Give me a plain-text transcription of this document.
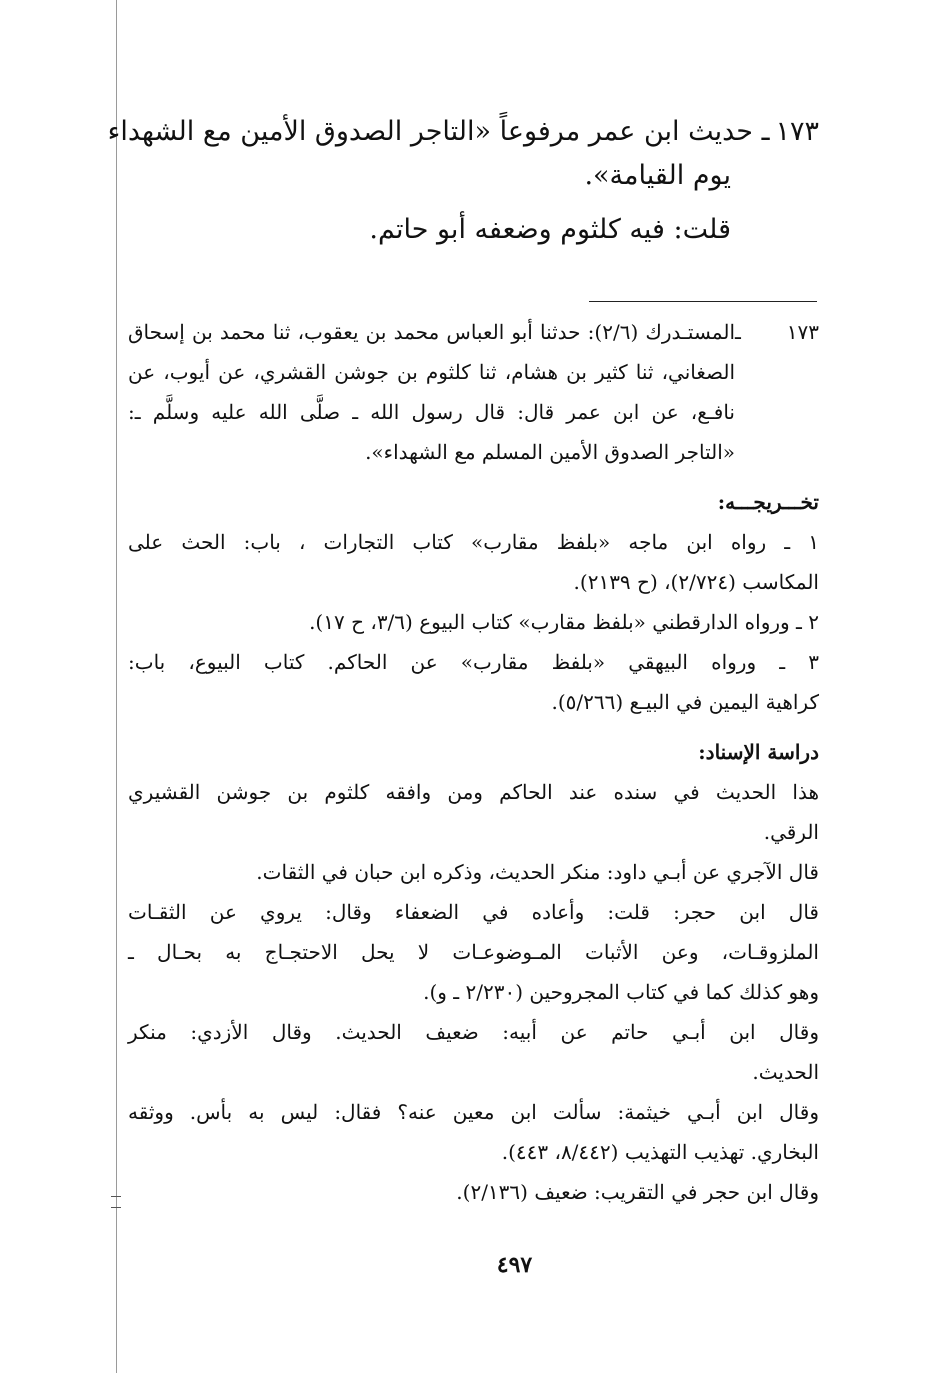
١٧٣ـ حديث ابن عمر مرفوعاً «التاجر الصدوق الأمين مع الشهداء
يوم القيامة».
قلت: فيه كلثوم وضعفه أبو حاتم.
١٧٣ ـالمستـدرك (٢/٦): حدثنا أبو العباس محمد بن يعقوب، ثنا محمد بن إسحاق
الصغاني، ثنا كثير بن هشام، ثنا كلثوم بن جوشن القشري، عن أيوب، عن
نافـع، عن ابن عمر قال: قال رسول الله ـ صلَّى الله عليه وسلَّم ـ:
«التاجر الصدوق الأمين المسلم مع الشهداء».
تخـــريجـــه:
١ ـ رواه ابن ماجه «بلفظ مقارب» كتاب التجارات ، باب: الحث على
المكاسب (٢/٧٢٤)، (ح ٢١٣٩).
٢ ـ ورواه الدارقطني «بلفظ مقارب» كتاب البيوع (٣/٦، ح ١٧).
٣ ـ ورواه البيهقي «بلفظ مقارب» عن الحاكم. كتاب البيوع، باب:
كراهية اليمين في البيـع (٥/٢٦٦).
دراسة الإسناد:
هذا الحديث في سنده عند الحاكم ومن وافقه كلثوم بن جوشن القشيري
الرقي.
قال الآجري عن أبـي داود: منكر الحديث، وذكره ابن حبان في الثقات.
قال ابن حجر: قلت: وأعاده في الضعفاء وقال: يروي عن الثقـات
الملزوقـات، وعن الأثبات المـوضوعـات لا يحل الاحتجـاج به بحـال ـ
وهو كذلك كما في كتاب المجروحين (٢/٢٣٠ ـ و).
وقال ابن أبـي حاتم عن أبيه: ضعيف الحديث. وقال الأزدي: منكر
الحديث.
وقال ابن أبـي خيثمة: سألت ابن معين عنه؟ فقال: ليس به بأس. ووثقه
البخاري. تهذيب التهذيب (٨/٤٤٢، ٤٤٣).
وقال ابن حجر في التقريب: ضعيف (٢/١٣٦).
٤٩٧
